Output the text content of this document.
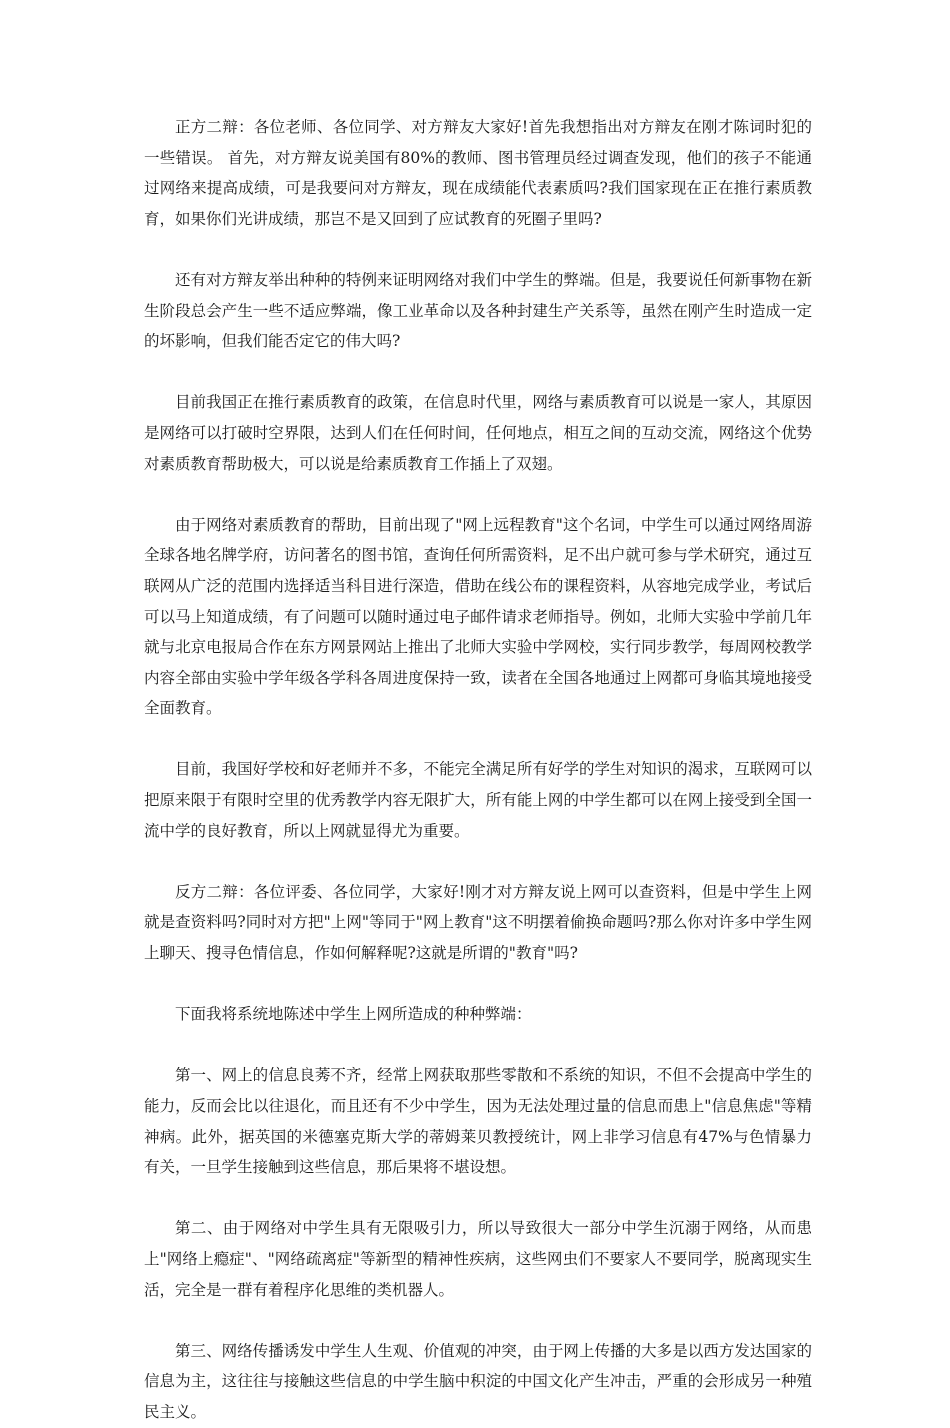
正方二辩：各位老师、各位同学、对方辩友大家好!首先我想指出对方辩友在刚才陈词时犯的一些错误。 首先，对方辩友说美国有80%的教师、图书管理员经过调查发现，他们的孩子不能通过网络来提高成绩，可是我要问对方辩友，现在成绩能代表素质吗?我们国家现在正在推行素质教育，如果你们光讲成绩，那岂不是又回到了应试教育的死圈子里吗?

还有对方辩友举出种种的特例来证明网络对我们中学生的弊端。但是，我要说任何新事物在新生阶段总会产生一些不适应弊端，像工业革命以及各种封建生产关系等，虽然在刚产生时造成一定的坏影响，但我们能否定它的伟大吗?

目前我国正在推行素质教育的政策，在信息时代里，网络与素质教育可以说是一家人，其原因是网络可以打破时空界限，达到人们在任何时间，任何地点，相互之间的互动交流，网络这个优势对素质教育帮助极大，可以说是给素质教育工作插上了双翅。

由于网络对素质教育的帮助，目前出现了"网上远程教育"这个名词，中学生可以通过网络周游全球各地名牌学府，访问著名的图书馆，查询任何所需资料，足不出户就可参与学术研究，通过互联网从广泛的范围内选择适当科目进行深造，借助在线公布的课程资料，从容地完成学业，考试后可以马上知道成绩，有了问题可以随时通过电子邮件请求老师指导。例如，北师大实验中学前几年就与北京电报局合作在东方网景网站上推出了北师大实验中学网校，实行同步教学，每周网校教学内容全部由实验中学年级各学科各周进度保持一致，读者在全国各地通过上网都可身临其境地接受全面教育。

目前，我国好学校和好老师并不多，不能完全满足所有好学的学生对知识的渴求，互联网可以把原来限于有限时空里的优秀教学内容无限扩大，所有能上网的中学生都可以在网上接受到全国一流中学的良好教育，所以上网就显得尤为重要。

反方二辩：各位评委、各位同学，大家好!刚才对方辩友说上网可以查资料，但是中学生上网就是查资料吗?同时对方把"上网"等同于"网上教育"这不明摆着偷换命题吗?那么你对许多中学生网上聊天、搜寻色情信息，作如何解释呢?这就是所谓的"教育"吗?

下面我将系统地陈述中学生上网所造成的种种弊端：

第一、网上的信息良莠不齐，经常上网获取那些零散和不系统的知识，不但不会提高中学生的能力，反而会比以往退化，而且还有不少中学生，因为无法处理过量的信息而患上"信息焦虑"等精神病。此外，据英国的米德塞克斯大学的蒂姆莱贝教授统计，网上非学习信息有47%与色情暴力有关，一旦学生接触到这些信息，那后果将不堪设想。

第二、由于网络对中学生具有无限吸引力，所以导致很大一部分中学生沉溺于网络，从而患上"网络上瘾症"、"网络疏离症"等新型的精神性疾病，这些网虫们不要家人不要同学，脱离现实生活，完全是一群有着程序化思维的类机器人。

第三、网络传播诱发中学生人生观、价值观的冲突，由于网上传播的大多是以西方发达国家的信息为主，这往往与接触这些信息的中学生脑中积淀的中国文化产生冲击，严重的会形成另一种殖民主义。
